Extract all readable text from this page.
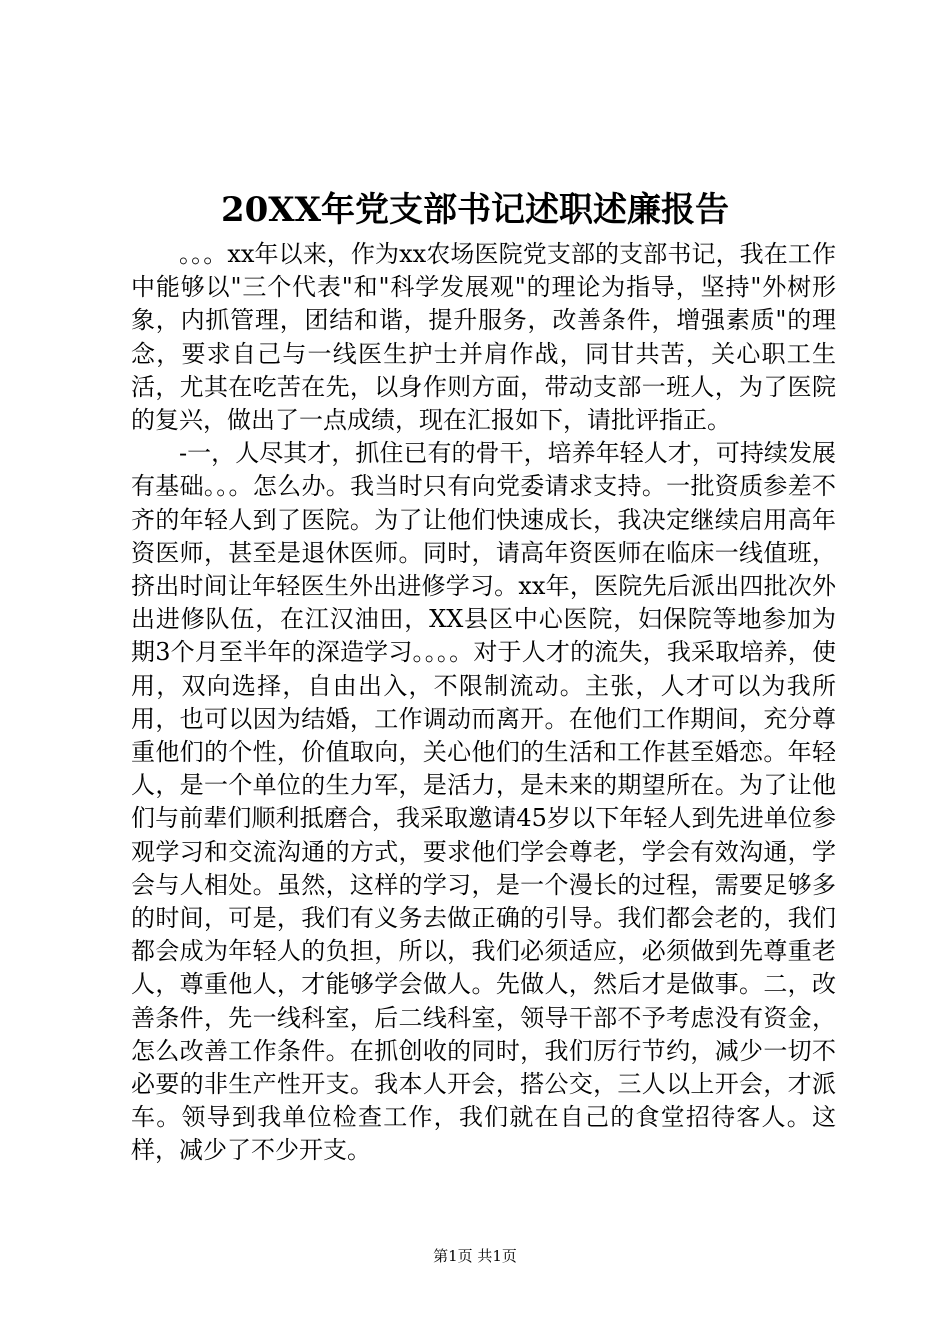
20XX年党支部书记述职述廉报告

。。。xx年以来，作为xx农场医院党支部的支部书记，我在工作中能够以"三个代表"和"科学发展观"的理论为指导，坚持"外树形象，内抓管理，团结和谐，提升服务，改善条件，增强素质"的理念，要求自己与一线医生护士并肩作战，同甘共苦，关心职工生活，尤其在吃苦在先，以身作则方面，带动支部一班人，为了医院的复兴，做出了一点成绩，现在汇报如下，请批评指正。

-一，人尽其才，抓住已有的骨干，培养年轻人才，可持续发展有基础。。。怎么办。我当时只有向党委请求支持。一批资质参差不齐的年轻人到了医院。为了让他们快速成长，我决定继续启用高年资医师，甚至是退休医师。同时，请高年资医师在临床一线值班，挤出时间让年轻医生外出进修学习。xx年，医院先后派出四批次外出进修队伍，在江汉油田，XX县区中心医院，妇保院等地参加为期3个月至半年的深造学习。。。。对于人才的流失，我采取培养，使用，双向选择，自由出入，不限制流动。主张，人才可以为我所用，也可以因为结婚，工作调动而离开。在他们工作期间，充分尊重他们的个性，价值取向，关心他们的生活和工作甚至婚恋。年轻人，是一个单位的生力军，是活力，是未来的期望所在。为了让他们与前辈们顺利抵磨合，我采取邀请45岁以下年轻人到先进单位参观学习和交流沟通的方式，要求他们学会尊老，学会有效沟通，学会与人相处。虽然，这样的学习，是一个漫长的过程，需要足够多的时间，可是，我们有义务去做正确的引导。我们都会老的，我们都会成为年轻人的负担，所以，我们必须适应，必须做到先尊重老人，尊重他人，才能够学会做人。先做人，然后才是做事。二，改善条件，先一线科室，后二线科室，领导干部不予考虑没有资金，怎么改善工作条件。在抓创收的同时，我们厉行节约，减少一切不必要的非生产性开支。我本人开会，搭公交，三人以上开会，才派车。领导到我单位检查工作，我们就在自己的食堂招待客人。这样，减少了不少开支。

第1页 共1页
